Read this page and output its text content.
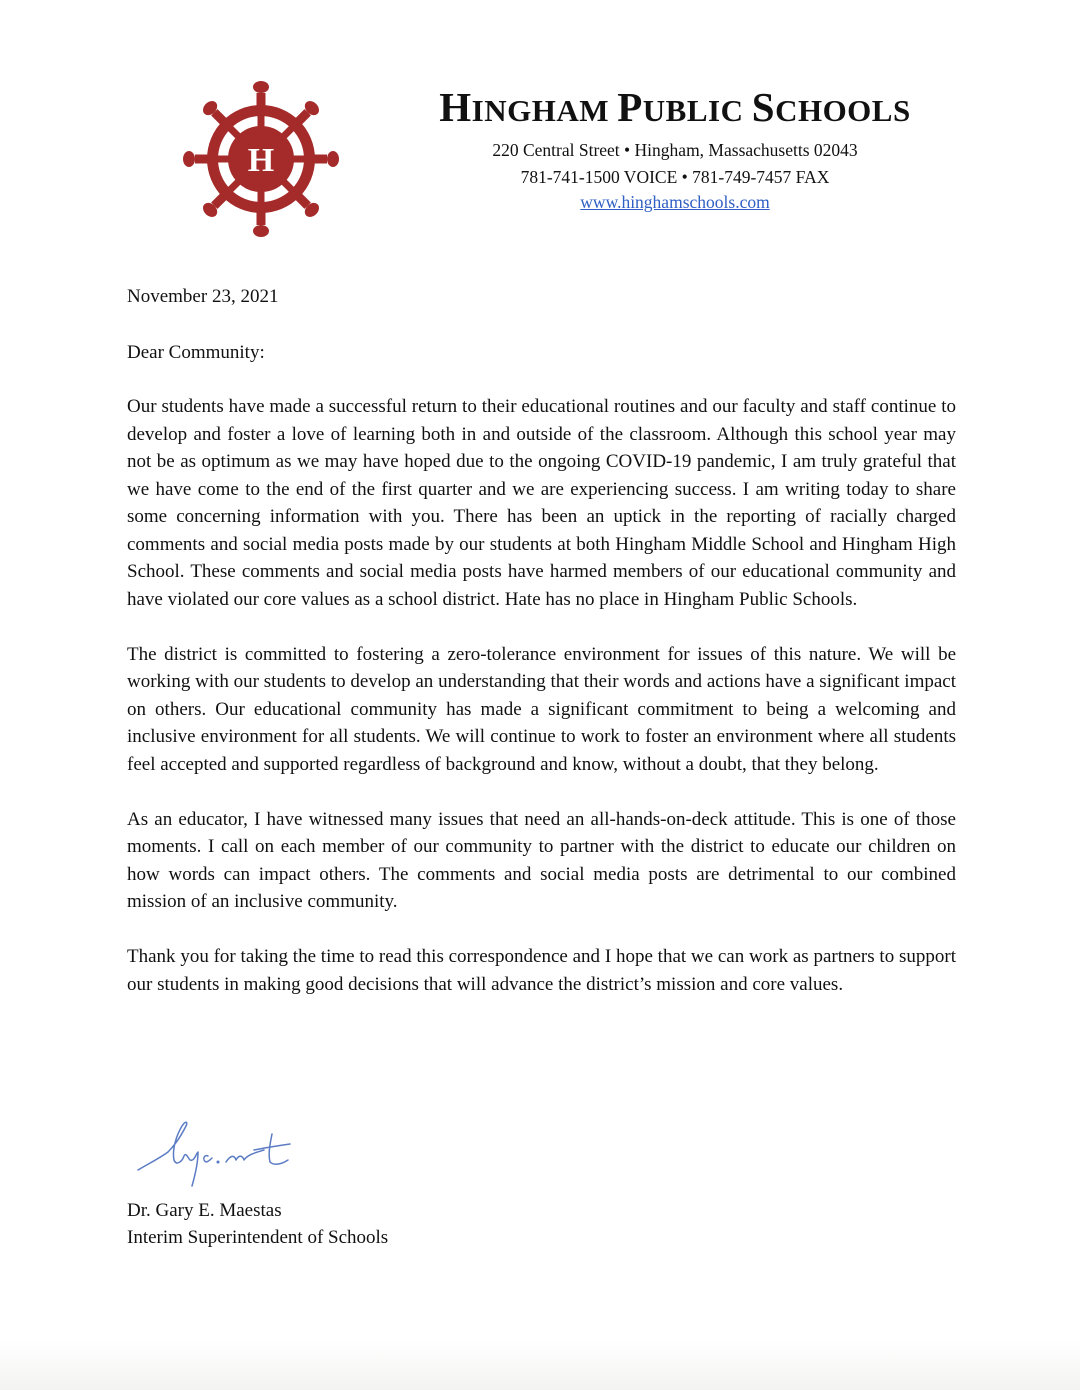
H
HINGHAM PUBLIC SCHOOLS

220 Central Street • Hingham, Massachusetts 02043

781-741-1500 VOICE • 781-749-7457 FAX

www.hinghamschools.com

November 23, 2021

Dear Community:

Our students have made a successful return to their educational routines and our faculty and staff continue to develop and foster a love of learning both in and outside of the classroom. Although this school year may not be as optimum as we may have hoped due to the ongoing COVID-19 pandemic, I am truly grateful that we have come to the end of the first quarter and we are experiencing success. I am writing today to share some concerning information with you. There has been an uptick in the reporting of racially charged comments and social media posts made by our students at both Hingham Middle School and Hingham High School. These comments and social media posts have harmed members of our educational community and have violated our core values as a school district. Hate has no place in Hingham Public Schools.

The district is committed to fostering a zero-tolerance environment for issues of this nature. We will be working with our students to develop an understanding that their words and actions have a significant impact on others. Our educational community has made a significant commitment to being a welcoming and inclusive environment for all students. We will continue to work to foster an environment where all students feel accepted and supported regardless of background and know, without a doubt, that they belong.

As an educator, I have witnessed many issues that need an all-hands-on-deck attitude. This is one of those moments. I call on each member of our community to partner with the district to educate our children on how words can impact others. The comments and social media posts are detrimental to our combined mission of an inclusive community.

Thank you for taking the time to read this correspondence and I hope that we can work as partners to support our students in making good decisions that will advance the district’s mission and core values.

Dr. Gary E. Maestas
Interim Superintendent of Schools
